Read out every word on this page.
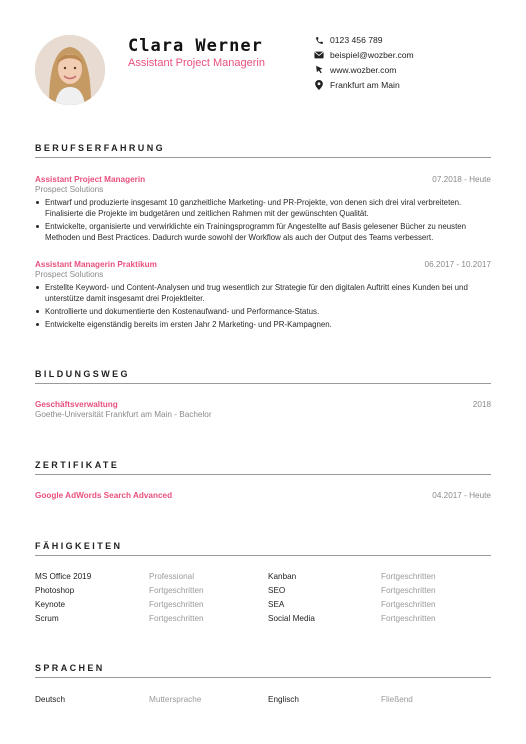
Clara Werner
Assistant Project Managerin
0123 456 789
beispiel@wozber.com
www.wozber.com
Frankfurt am Main
BERUFSERFAHRUNG
Assistant Project Managerin	07.2018 - Heute
Prospect Solutions
Entwarf und produzierte insgesamt 10 ganzheitliche Marketing- und PR-Projekte, von denen sich drei viral verbreiteten. Finalisierte die Projekte im budgetären und zeitlichen Rahmen mit der gewünschten Qualität.
Entwickelte, organisierte und verwirklichte ein Trainingsprogramm für Angestellte auf Basis gelesener Bücher zu neusten Methoden und Best Practices. Dadurch wurde sowohl der Workflow als auch der Output des Teams verbessert.
Assistant Managerin Praktikum	06.2017 - 10.2017
Prospect Solutions
Erstellte Keyword- und Content-Analysen und trug wesentlich zur Strategie für den digitalen Auftritt eines Kunden bei und unterstütze damit insgesamt drei Projektleiter.
Kontrollierte und dokumentierte den Kostenaufwand- und Performance-Status.
Entwickelte eigenständig bereits im ersten Jahr 2 Marketing- und PR-Kampagnen.
BILDUNGSWEG
Geschäftsverwaltung	2018
Goethe-Universität Frankfurt am Main - Bachelor
ZERTIFIKATE
Google AdWords Search Advanced	04.2017 - Heute
FÄHIGKEITEN
MS Office 2019	Professional	Kanban	Fortgeschritten
Photoshop	Fortgeschritten	SEO	Fortgeschritten
Keynote	Fortgeschritten	SEA	Fortgeschritten
Scrum	Fortgeschritten	Social Media	Fortgeschritten
SPRACHEN
Deutsch	Muttersprache	Englisch	Fließend
